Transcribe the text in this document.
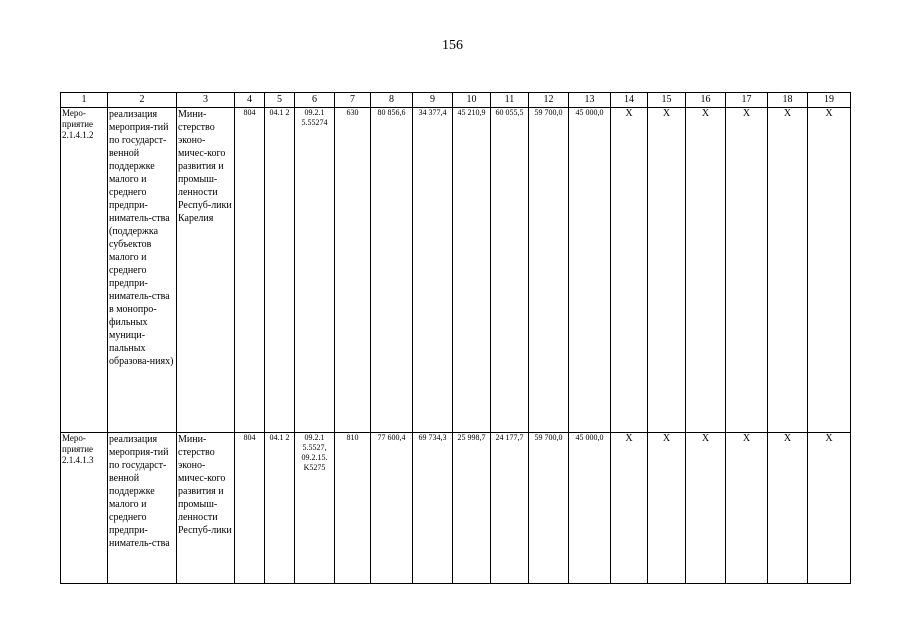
156
1	2	3	4	5	6	7	8	9	10	11	12	13	14	15	16	17	18	19
Меро-приятие 2.1.4.1.2	реализация мероприя-тий по государст-венной поддержке малого и среднего предпри-ниматель-ства (поддержка субъектов малого и среднего предпри-ниматель-ства в монопро-фильных муници-пальных образова-ниях)	Мини-стерство эконо-мичес-кого развития и промыш-ленности Респуб-лики Карелия	804	04.1 2	09.2.1 5.55274	630	80 856,6	34 377,4	45 210,9	60 055,5	59 700,0	45 000,0	X	X	X	X	X	X
Меро-приятие 2.1.4.1.3	реализация мероприя-тий по государст-венной поддержке малого и среднего предпри-ниматель-ства	Мини-стерство эконо-мичес-кого развития и промыш-ленности Респуб-лики	804	04.1 2	09.2.1 5.5527, 09.2.15. K5275	810	77 600,4	69 734,3	25 998,7	24 177,7	59 700,0	45 000,0	X	X	X	X	X	X
